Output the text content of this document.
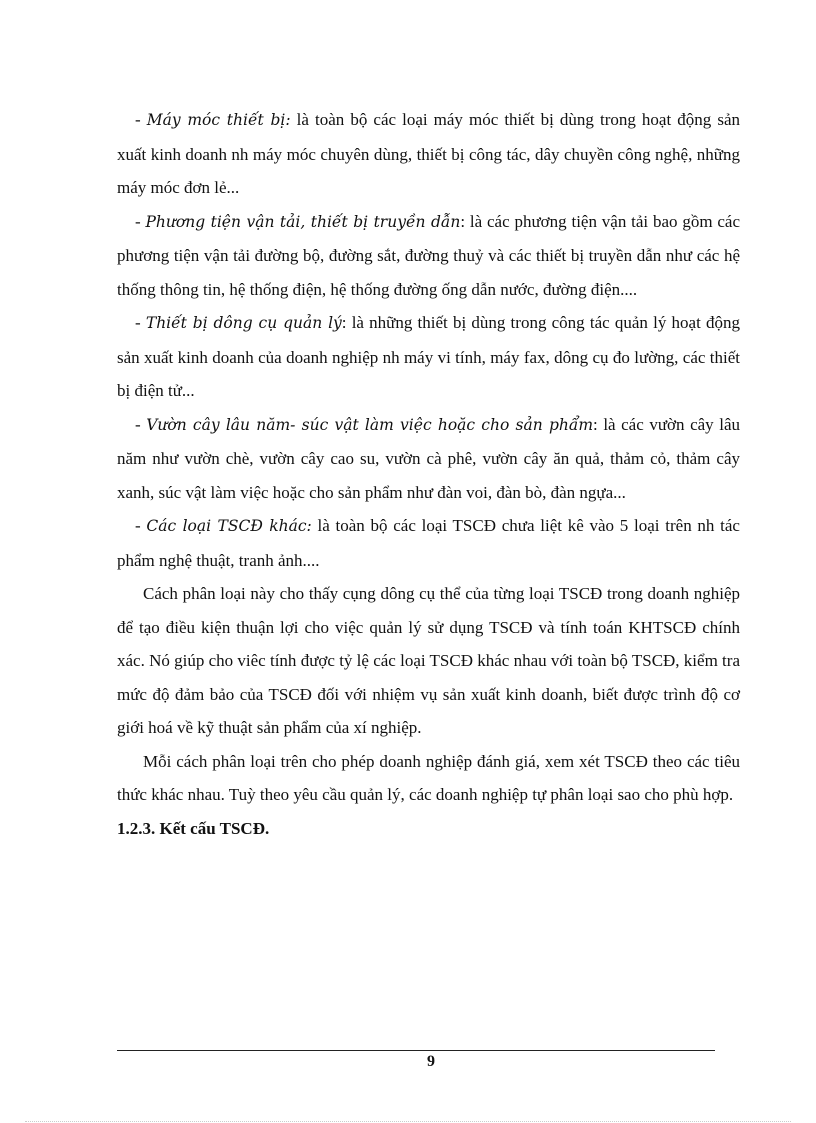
- Máy móc thiết bị: là toàn bộ các loại máy móc thiết bị dùng trong hoạt động sản xuất kinh doanh nh máy móc chuyên dùng, thiết bị công tác, dây chuyền công nghệ, những máy móc đơn lẻ...

- Phương tiện vận tải, thiết bị truyền dẫn: là các phương tiện vận tải bao gồm các phương tiện vận tải đường bộ, đường sắt, đường thuỷ và các thiết bị truyền dẫn như các hệ thống thông tin, hệ thống điện, hệ thống đường ống dẫn nước, đường điện....

- Thiết bị dông cụ quản lý: là những thiết bị dùng trong công tác quản lý hoạt động sản xuất kinh doanh của doanh nghiệp nh máy vi tính, máy fax, dông cụ đo lường, các thiết bị điện tử...

- Vườn cây lâu năm- súc vật làm việc hoặc cho sản phẩm: là các vườn cây lâu năm như vườn chè, vườn cây cao su, vườn cà phê, vườn cây ăn quả, thảm cỏ, thảm cây xanh, súc vật làm việc hoặc cho sản phẩm như đàn voi, đàn bò, đàn ngựa...

- Các loại TSCĐ khác: là toàn bộ các loại TSCĐ chưa liệt kê vào 5 loại trên nh tác phẩm nghệ thuật, tranh ảnh....

Cách phân loại này cho thấy cụng dông cụ thể của từng loại TSCĐ trong doanh nghiệp để tạo điều kiện thuận lợi cho việc quản lý sử dụng TSCĐ và tính toán KHTSCĐ chính xác. Nó giúp cho viêc tính được tỷ lệ các loại TSCĐ khác nhau với toàn bộ TSCĐ, kiểm tra mức độ đảm bảo của TSCĐ đối với nhiệm vụ sản xuất kinh doanh, biết được trình độ cơ giới hoá về kỹ thuật sản phẩm của xí nghiệp.

Mỗi cách phân loại trên cho phép doanh nghiệp đánh giá, xem xét TSCĐ theo các tiêu thức khác nhau. Tuỳ theo yêu cầu quản lý, các doanh nghiệp tự phân loại sao cho phù hợp.

1.2.3. Kết cấu TSCĐ.
9
